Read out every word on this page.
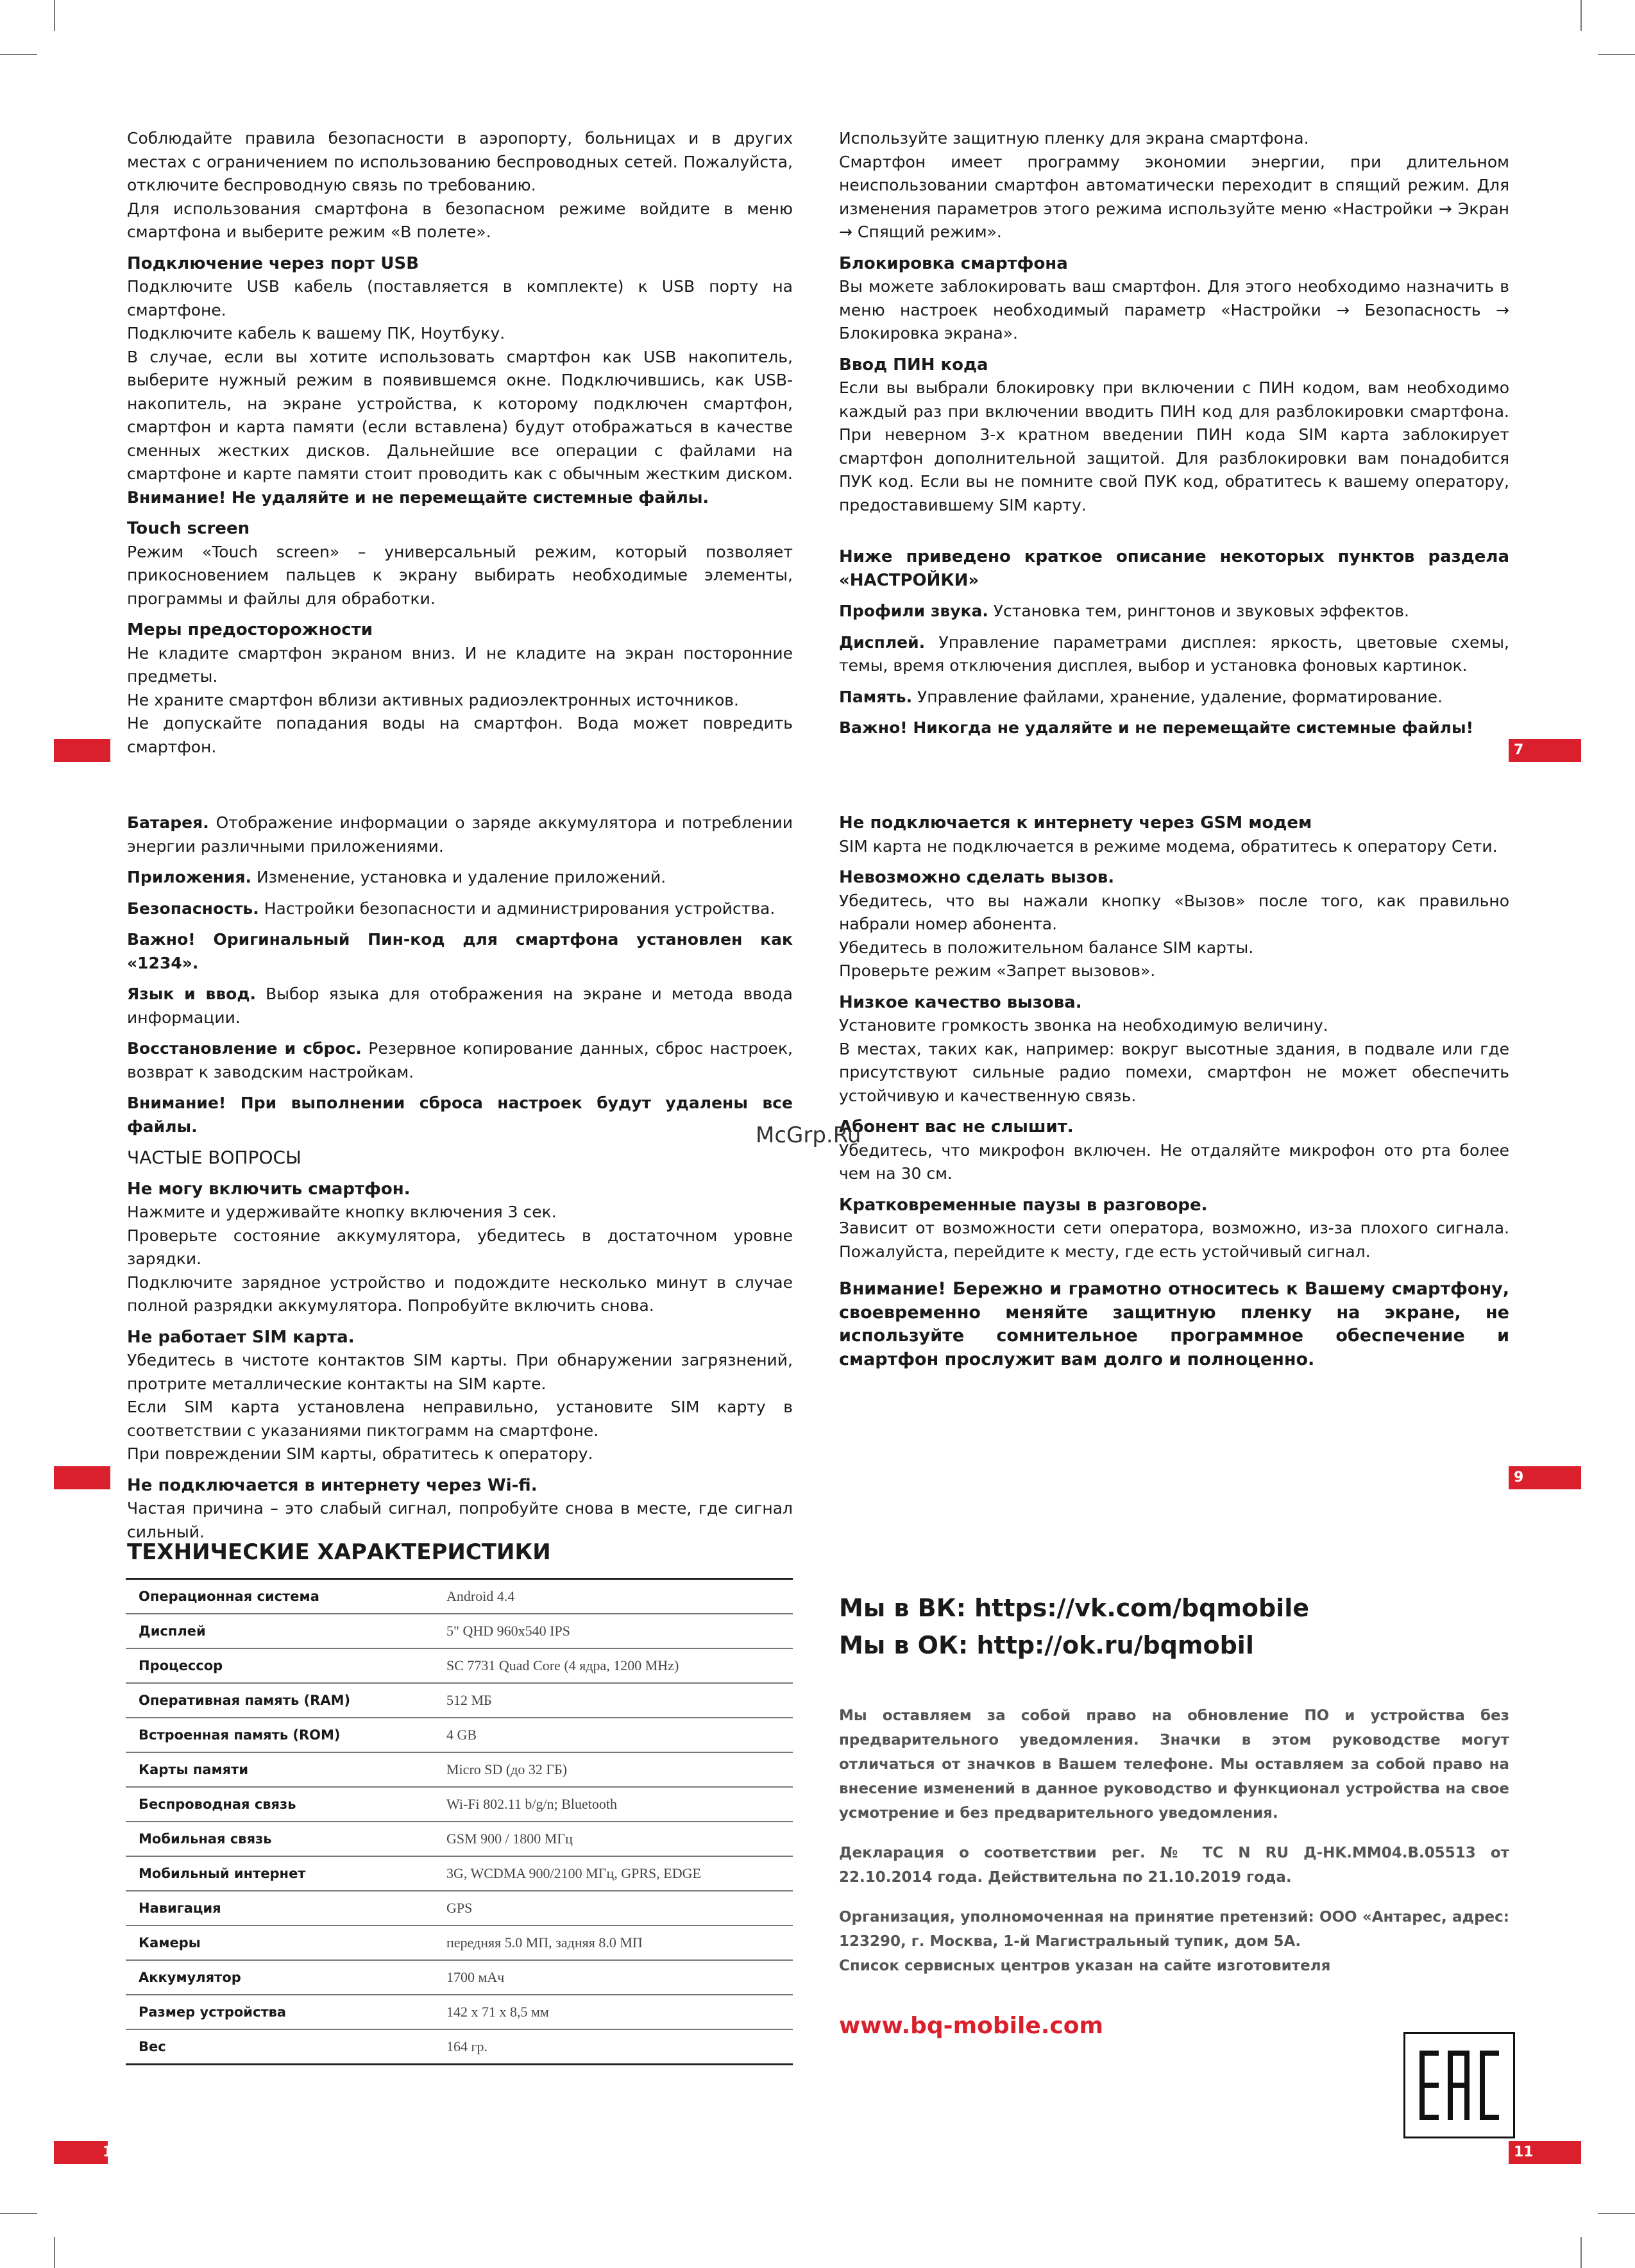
Соблюдайте правила безопасности в аэропорту, больницах и в других местах с ограничением по использованию беспроводных сетей. Пожалуйста, отключите беспроводную связь по требованию.

Для использования смартфона в безопасном режиме войдите в меню смартфона и выберите режим «В полете».

Подключение через порт USB

Подключите USB кабель (поставляется в комплекте) к USB порту на смартфоне.

Подключите кабель к вашему ПК, Ноутбуку.

В случае, если вы хотите использовать смартфон как USB накопитель, выберите нужный режим в появившемся окне. Подключившись, как USB-накопитель, на экране устройства, к которому подключен смартфон, смартфон и карта памяти (если вставлена) будут отображаться в качестве сменных жестких дисков. Дальнейшие все операции с файлами на смартфоне и карте памяти стоит проводить как с обычным жестким диском. Внимание! Не удаляйте и не перемещайте системные файлы.

Touch screen

Режим «Touch screen» – универсальный режим, который позволяет прикосновением пальцев к экрану выбирать необходимые элементы, программы и файлы для обработки.

Меры предосторожности

Не кладите смартфон экраном вниз. И не кладите на экран посторонние предметы.

Не храните смартфон вблизи активных радиоэлектронных источников.

Не допускайте попадания воды на смартфон. Вода может повредить смартфон.

6

Используйте защитную пленку для экрана смартфона.

Смартфон имеет программу экономии энергии, при длительном неиспользовании смартфон автоматически переходит в спящий режим. Для изменения параметров этого режима используйте меню «Настройки → Экран → Спящий режим».

Блокировка смартфона

Вы можете заблокировать ваш смартфон. Для этого необходимо назначить в меню настроек необходимый параметр «Настройки → Безопасность → Блокировка экрана».

Ввод ПИН кода

Если вы выбрали блокировку при включении с ПИН кодом, вам необходимо каждый раз при включении вводить ПИН код для разблокировки смартфона. При неверном 3-х кратном введении ПИН кода SIM карта заблокирует смартфон дополнительной защитой. Для разблокировки вам понадобится ПУК код. Если вы не помните свой ПУК код, обратитесь к вашему оператору, предоставившему SIM карту.

Ниже приведено краткое описание некоторых пунктов раздела «НАСТРОЙКИ»

Профили звука. Установка тем, рингтонов и звуковых эффектов.

Дисплей. Управление параметрами дисплея: яркость, цветовые схемы, темы, время отключения дисплея, выбор и установка фоновых картинок.

Память. Управление файлами, хранение, удаление, форматирование.

Важно! Никогда не удаляйте и не перемещайте системные файлы!

7

Батарея. Отображение информации о заряде аккумулятора и потреблении энергии различными приложениями.

Приложения. Изменение, установка и удаление приложений.

Безопасность. Настройки безопасности и администрирования устройства.

Важно! Оригинальный Пин-код для смартфона установлен как «1234».

Язык и ввод. Выбор языка для отображения на экране и метода ввода информации.

Восстановление и сброс. Резервное копирование данных, сброс настроек, возврат к заводским настройкам.

Внимание! При выполнении сброса настроек будут удалены все файлы.

ЧАСТЫЕ ВОПРОСЫ

Не могу включить смартфон.

Нажмите и удерживайте кнопку включения 3 сек.

Проверьте состояние аккумулятора, убедитесь в достаточном уровне зарядки.

Подключите зарядное устройство и подождите несколько минут в случае полной разрядки аккумулятора. Попробуйте включить снова.

Не работает SIM карта.

Убедитесь в чистоте контактов SIM карты. При обнаружении загрязнений, протрите металлические контакты на SIM карте.

Если SIM карта установлена неправильно, установите SIM карту в соответствии с указаниями пиктограмм на смартфоне.

При повреждении SIM карты, обратитесь к оператору.

Не подключается в интернету через Wi-fi.

Частая причина – это слабый сигнал, попробуйте снова в месте, где сигнал сильный.

8

Не подключается к интернету через GSM модем

SIM карта не подключается в режиме модема, обратитесь к оператору Сети.

Невозможно сделать вызов.

Убедитесь, что вы нажали кнопку «Вызов» после того, как правильно набрали номер абонента.

Убедитесь в положительном балансе SIM карты.

Проверьте режим «Запрет вызовов».

Низкое качество вызова.

Установите громкость звонка на необходимую величину.

В местах, таких как, например: вокруг высотные здания, в подвале или где присутствуют сильные радио помехи, смартфон не может обеспечить устойчивую и качественную связь.

Абонент вас не слышит.

Убедитесь, что микрофон включен. Не отдаляйте микрофон ото рта более чем на 30 см.

Кратковременные паузы в разговоре.

Зависит от возможности сети оператора, возможно, из-за плохого сигнала. Пожалуйста, перейдите к месту, где есть устойчивый сигнал.

Внимание! Бережно и грамотно относитесь к Вашему смартфону, своевременно меняйте защитную пленку на экране, не используйте сомнительное программное обеспечение и смартфон прослужит вам долго и полноценно.

9
McGrp.Ru
ТЕХНИЧЕСКИЕ ХАРАКТЕРИСТИКИ
Операционная система	Android 4.4
Дисплей	5" QHD 960x540 IPS
Процессор	SC 7731 Quad Core (4 ядра, 1200 MHz)
Оперативная память (RAM)	512 МБ
Встроенная память (ROM)	4 GB
Карты памяти	Micro SD (до 32 ГБ)
Беспроводная связь	Wi-Fi 802.11 b/g/n; Bluetooth
Мобильная связь	GSM 900 / 1800 МГц
Мобильный интернет	3G, WCDMA 900/2100 МГц, GPRS, EDGE
Навигация	GPS
Камеры	передняя 5.0 МП, задняя 8.0 МП
Аккумулятор	1700 мАч
Размер устройства	142 x 71 x 8,5 мм
Вес	164 гр.
10
Мы в ВК: https://vk.com/bqmobile
Мы в ОК: http://ok.ru/bqmobil
Мы оставляем за собой право на обновление ПО и устройства без предварительного уведомления. Значки в этом руководстве могут отличаться от значков в Вашем телефоне. Мы оставляем за собой право на внесение изменений в данное руководство и функционал устройства на свое усмотрение и без предварительного уведомления.
Декларация о соответствии рег. № ТС N RU Д-HK.MM04.B.05513 от 22.10.2014 года. Действительна по 21.10.2019 года.
Организация, уполномоченная на принятие претензий: ООО «Антарес, адрес: 123290, г. Москва, 1-й Магистральный тупик, дом 5А.
Список сервисных центров указан на сайте изготовителя
www.bq-mobile.com
11
